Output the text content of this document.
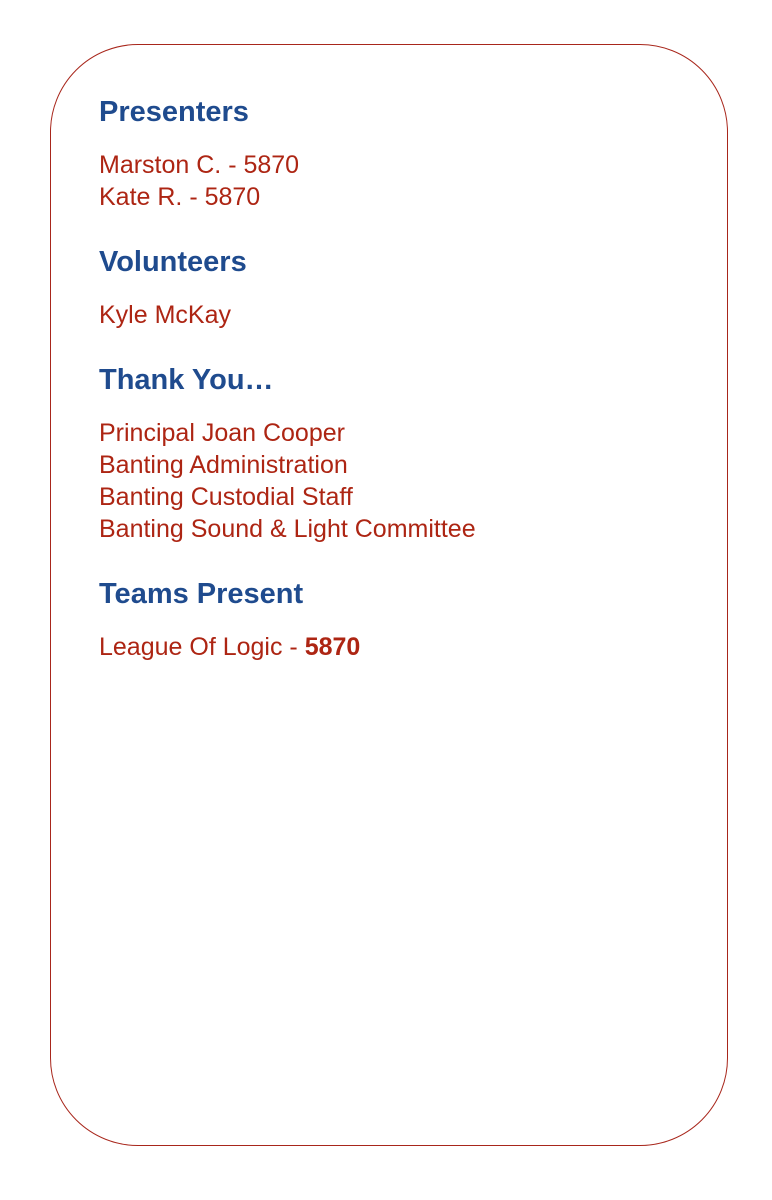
Presenters
Marston C. - 5870
Kate R. - 5870
Volunteers
Kyle McKay
Thank You…
Principal Joan Cooper
Banting Administration
Banting Custodial Staff
Banting Sound & Light Committee
Teams Present
League Of Logic - 5870
